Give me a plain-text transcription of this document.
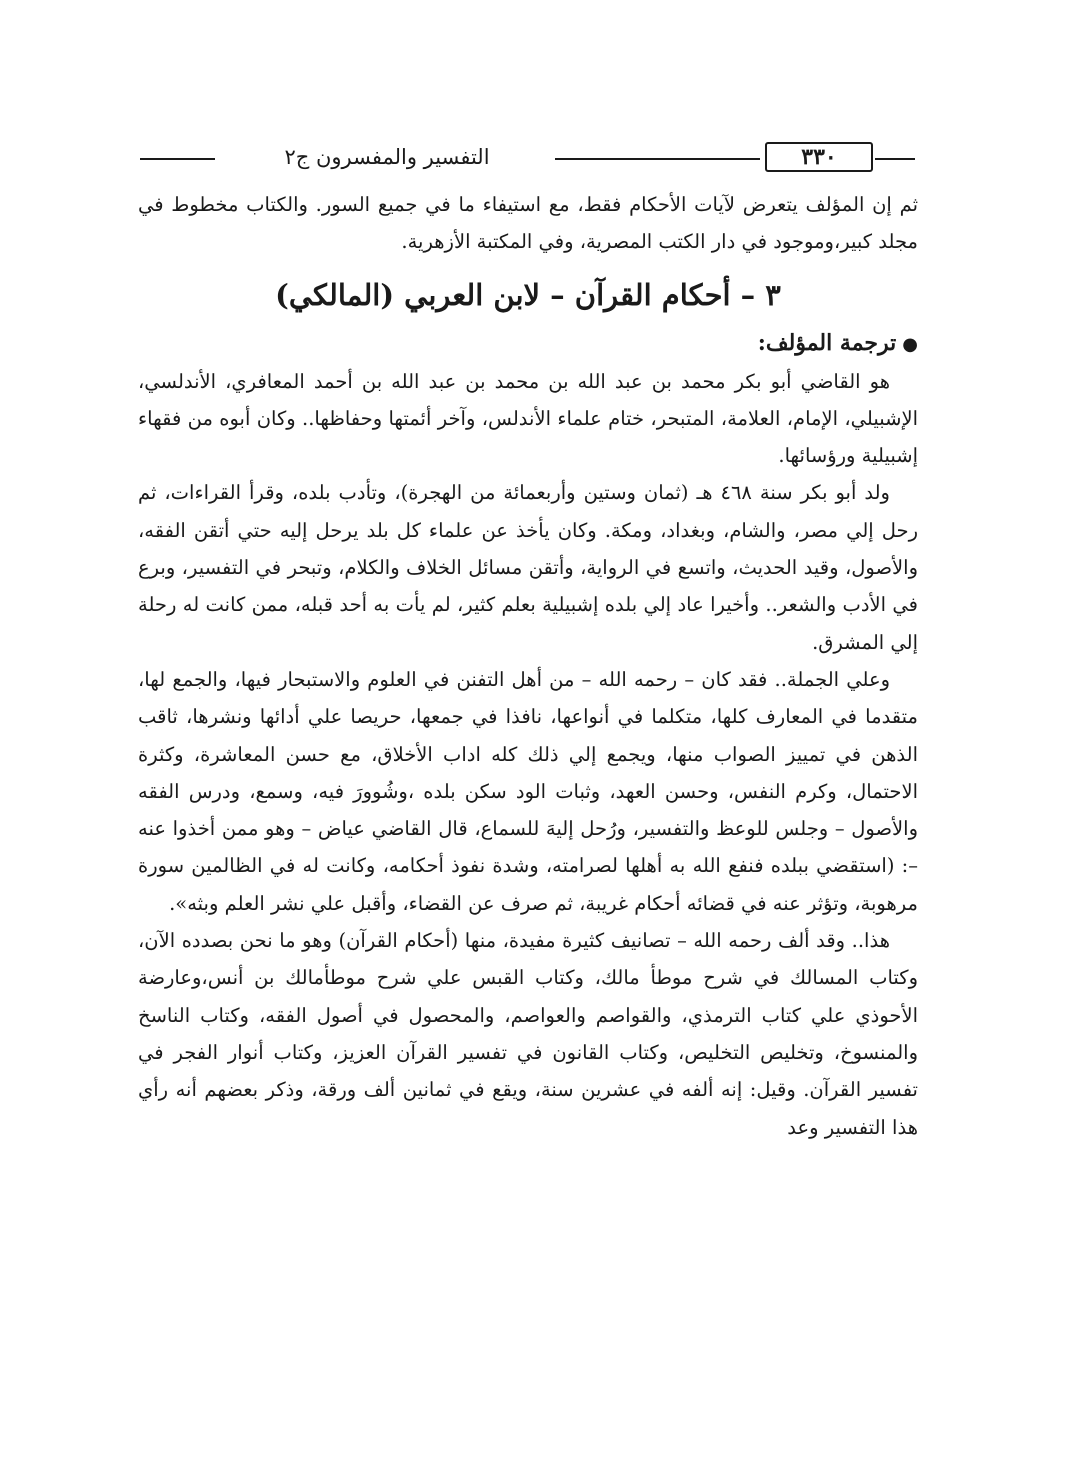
٣٣٠
التفسير والمفسرون ج٢

ثم إن المؤلف يتعرض لآيات الأحكام فقط، مع استيفاء ما في جميع السور. والكتاب مخطوط في مجلد كبير،وموجود في دار الكتب المصرية، وفي المكتبة الأزهرية.

٣ – أحكام القرآن – لابن العربي (المالكي)

●ترجمة المؤلف:

هو القاضي أبو بكر محمد بن عبد الله بن محمد بن عبد الله بن أحمد المعافري، الأندلسي، الإشبيلي، الإمام، العلامة، المتبحر، ختام علماء الأندلس، وآخر أئمتها وحفاظها.. وكان أبوه من فقهاء إشبيلية ورؤسائها.

ولد أبو بكر سنة ٤٦٨ هـ (ثمان وستين وأربعمائة من الهجرة)، وتأدب بلده، وقرأ القراءات، ثم رحل إلي مصر، والشام، وبغداد، ومكة. وكان يأخذ عن علماء كل بلد يرحل إليه حتي أتقن الفقه، والأصول، وقيد الحديث، واتسع في الرواية، وأتقن مسائل الخلاف والكلام، وتبحر في التفسير، وبرع في الأدب والشعر.. وأخيرا عاد إلي بلده إشبيلية بعلم كثير، لم يأت به أحد قبله، ممن كانت له رحلة إلي المشرق.

وعلي الجملة.. فقد كان – رحمه الله – من أهل التفنن في العلوم والاستبحار فيها، والجمع لها، متقدما في المعارف كلها، متكلما في أنواعها، نافذا في جمعها، حريصا علي أدائها ونشرها، ثاقب الذهن في تمييز الصواب منها، ويجمع إلي ذلك كله اداب الأخلاق، مع حسن المعاشرة، وكثرة الاحتمال، وكرم النفس، وحسن العهد، وثبات الود سكن بلده ،وشُوورَ فيه، وسمع، ودرس الفقه والأصول – وجلس للوعظ والتفسير، ورُحل إليهَ للسماع، قال القاضي عياض – وهو ممن أخذوا عنه –: (استقضي ببلده فنفع الله به أهلها لصرامته، وشدة نفوذ أحكامه، وكانت له في الظالمين سورة مرهوبة، وتؤثر عنه في قضائه أحكام غريبة، ثم صرف عن القضاء، وأقبل علي نشر العلم وبثه».

هذا.. وقد ألف رحمه الله – تصانيف كثيرة مفيدة، منها (أحكام القرآن) وهو ما نحن بصدده الآن، وكتاب المسالك في شرح موطأ مالك، وكتاب القبس علي شرح موطأمالك بن أنس،وعارضة الأحوذي علي كتاب الترمذي، والقواصم والعواصم، والمحصول في أصول الفقه، وكتاب الناسخ والمنسوخ، وتخليص التخليص، وكتاب القانون في تفسير القرآن العزيز، وكتاب أنوار الفجر في تفسير القرآن. وقيل: إنه ألفه في عشرين سنة، ويقع في ثمانين ألف ورقة، وذكر بعضهم أنه رأي هذا التفسير وعد
